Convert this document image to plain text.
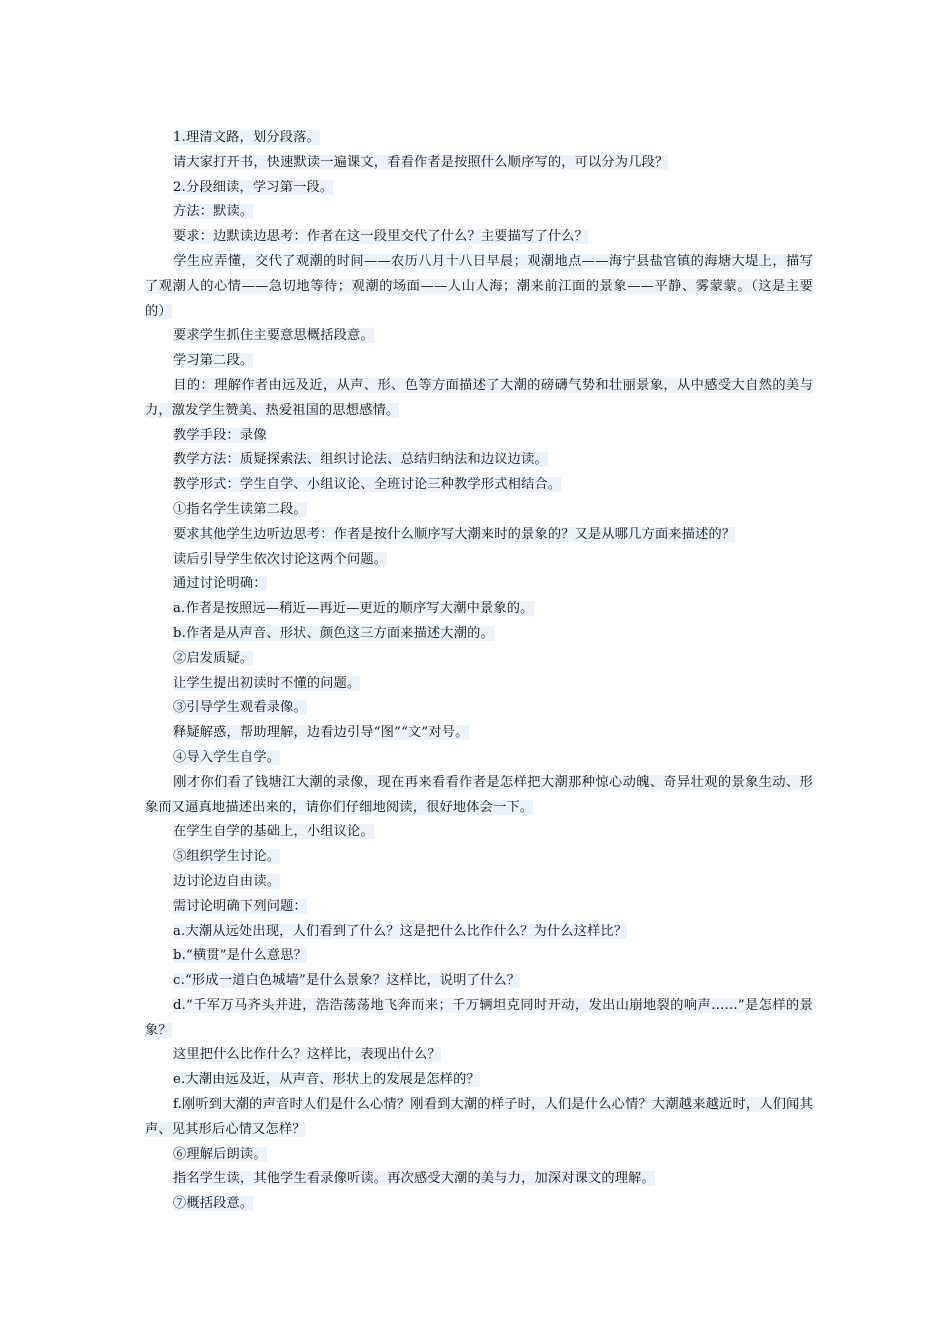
1.理清文路，划分段落。

请大家打开书，快速默读一遍课文，看看作者是按照什么顺序写的，可以分为几段？

2.分段细读，学习第一段。

方法：默读。

要求：边默读边思考：作者在这一段里交代了什么？主要描写了什么？

学生应弄懂，交代了观潮的时间——农历八月十八日早晨；观潮地点——海宁县盐官镇的海塘大堤上，描写了观潮人的心情——急切地等待；观潮的场面——人山人海；潮来前江面的景象——平静、雾蒙蒙。（这是主要的）

要求学生抓住主要意思概括段意。

学习第二段。

目的：理解作者由远及近，从声、形、色等方面描述了大潮的磅礴气势和壮丽景象，从中感受大自然的美与力，激发学生赞美、热爱祖国的思想感情。

教学手段：录像

教学方法：质疑探索法、组织讨论法、总结归纳法和边议边读。

教学形式：学生自学、小组议论、全班讨论三种教学形式相结合。

①指名学生读第二段。

要求其他学生边听边思考：作者是按什么顺序写大潮来时的景象的？又是从哪几方面来描述的？

读后引导学生依次讨论这两个问题。

通过讨论明确：

a.作者是按照远—稍近—再近—更近的顺序写大潮中景象的。

b.作者是从声音、形状、颜色这三方面来描述大潮的。

②启发质疑。

让学生提出初读时不懂的问题。

③引导学生观看录像。

释疑解惑，帮助理解，边看边引导“图”“文”对号。

④导入学生自学。

刚才你们看了钱塘江大潮的录像，现在再来看看作者是怎样把大潮那种惊心动魄、奇异壮观的景象生动、形象而又逼真地描述出来的，请你们仔细地阅读，很好地体会一下。

在学生自学的基础上，小组议论。

⑤组织学生讨论。

边讨论边自由读。

需讨论明确下列问题：

a.大潮从远处出现，人们看到了什么？这是把什么比作什么？为什么这样比？

b.“横贯”是什么意思？

c.“形成一道白色城墙”是什么景象？这样比，说明了什么？

d.“千军万马齐头并进，浩浩荡荡地飞奔而来；千万辆坦克同时开动，发出山崩地裂的响声……”是怎样的景象？

这里把什么比作什么？这样比，表现出什么？

e.大潮由远及近，从声音、形状上的发展是怎样的？

f.刚听到大潮的声音时人们是什么心情？刚看到大潮的样子时，人们是什么心情？大潮越来越近时，人们闻其声、见其形后心情又怎样？

⑥理解后朗读。

指名学生读，其他学生看录像听读。再次感受大潮的美与力，加深对课文的理解。

⑦概括段意。
